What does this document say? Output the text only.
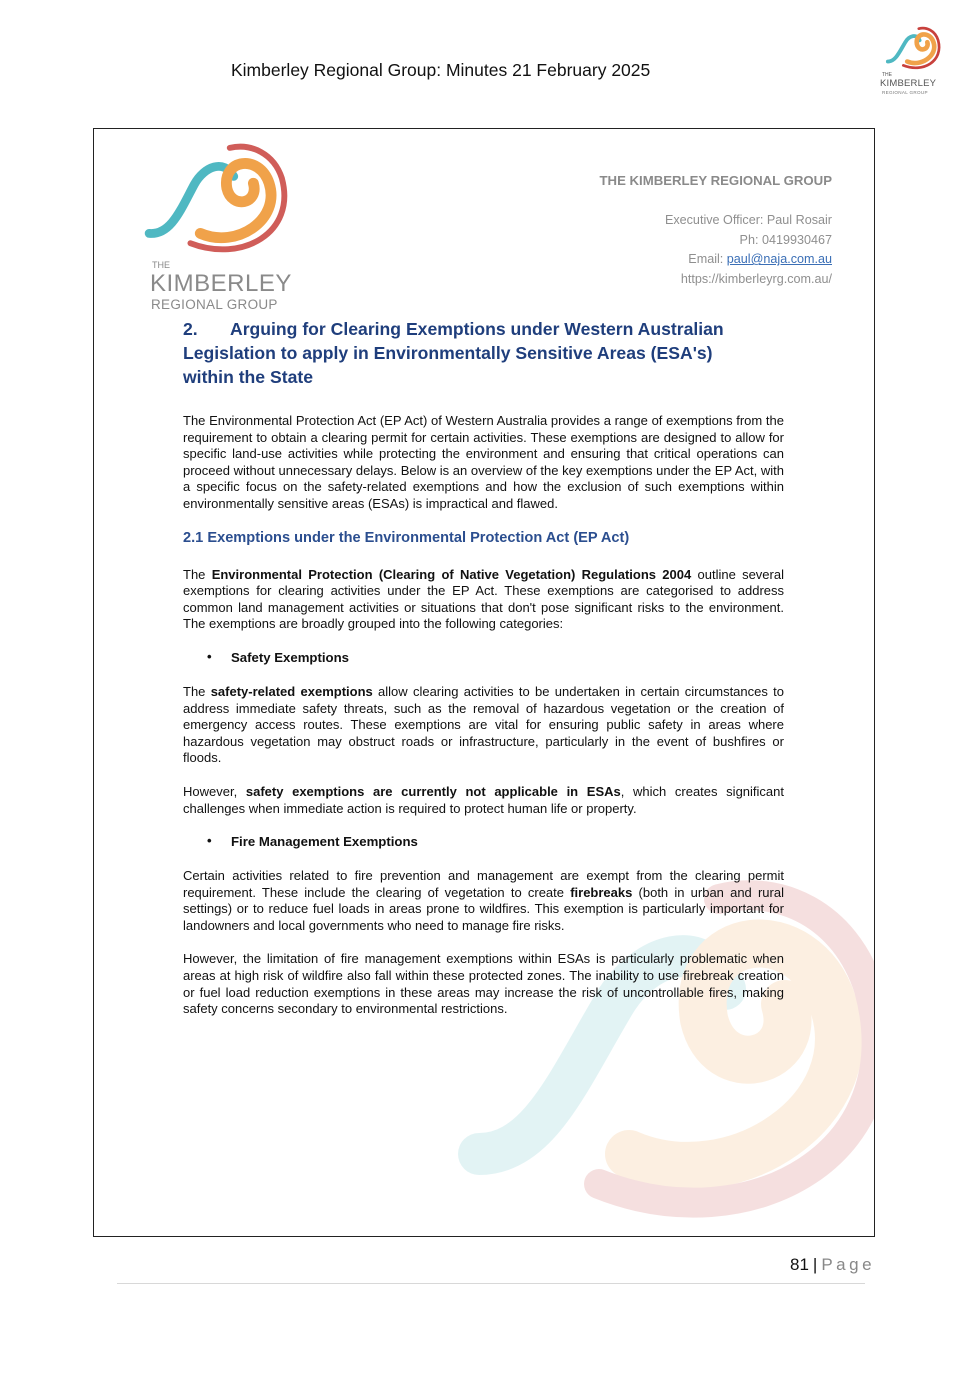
Kimberley Regional Group: Minutes 21 February 2025	THE
KIMBERLEY
REGIONAL GROUP
THE
KIMBERLEY
REGIONAL GROUP
THE KIMBERLEY REGIONAL GROUP
Executive Officer: Paul Rosair
Ph: 0419930467
Email: paul@naja.com.au
https://kimberleyrg.com.au/
2. Arguing for Clearing Exemptions under Western Australian
Legislation to apply in Environmentally Sensitive Areas (ESA's)
within the State

The Environmental Protection Act (EP Act) of Western Australia provides a range of exemptions from the requirement to obtain a clearing permit for certain activities. These exemptions are designed to allow for specific land-use activities while protecting the environment and ensuring that critical operations can proceed without unnecessary delays. Below is an overview of the key exemptions under the EP Act, with a specific focus on the safety-related exemptions and how the exclusion of such exemptions within environmentally sensitive areas (ESAs) is impractical and flawed.

2.1 Exemptions under the Environmental Protection Act (EP Act)

The Environmental Protection (Clearing of Native Vegetation) Regulations 2004 outline several exemptions for clearing activities under the EP Act. These exemptions are categorised to address common land management activities or situations that don't pose significant risks to the environment. The exemptions are broadly grouped into the following categories:

• Safety Exemptions

The safety-related exemptions allow clearing activities to be undertaken in certain circumstances to address immediate safety threats, such as the removal of hazardous vegetation or the creation of emergency access routes. These exemptions are vital for ensuring public safety in areas where hazardous vegetation may obstruct roads or infrastructure, particularly in the event of bushfires or floods.

However, safety exemptions are currently not applicable in ESAs, which creates significant challenges when immediate action is required to protect human life or property.

• Fire Management Exemptions

Certain activities related to fire prevention and management are exempt from the clearing permit requirement. These include the clearing of vegetation to create firebreaks (both in urban and rural settings) or to reduce fuel loads in areas prone to wildfires. This exemption is particularly important for landowners and local governments who need to manage fire risks.

However, the limitation of fire management exemptions within ESAs is particularly problematic when areas at high risk of wildfire also fall within these protected zones. The inability to use firebreak creation or fuel load reduction exemptions in these areas may increase the risk of uncontrollable fires, making safety concerns secondary to environmental restrictions.

81 | Page
